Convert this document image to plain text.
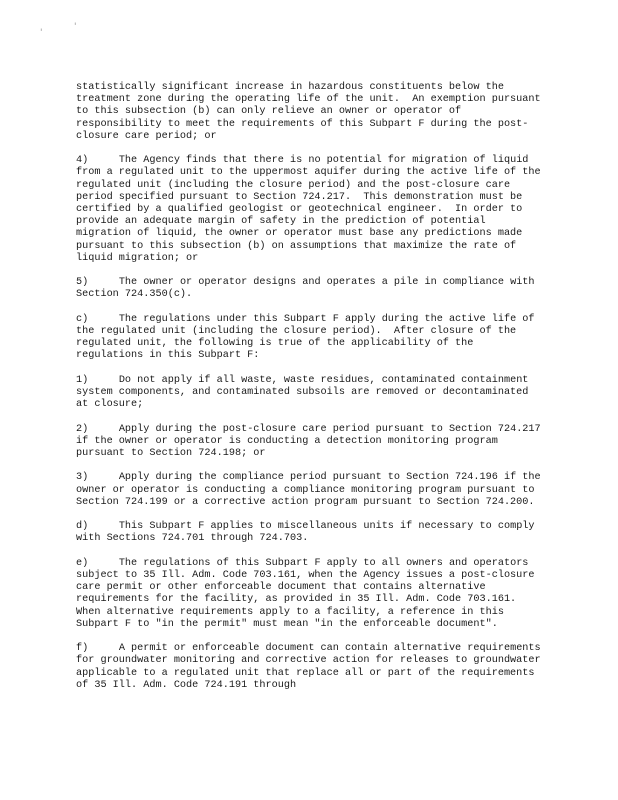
'
'

statistically significant increase in hazardous constituents below the treatment zone during the operating life of the unit.  An exemption pursuant to this subsection (b) can only relieve an owner or operator of responsibility to meet the requirements of this Subpart F during the post-closure care period; or

4)	The Agency finds that there is no potential for migration of liquid from a regulated unit to the uppermost aquifer during the active life of the regulated unit (including the closure period) and the post-closure care period specified pursuant to Section 724.217.  This demonstration must be certified by a qualified geologist or geotechnical engineer.  In order to provide an adequate margin of safety in the prediction of potential migration of liquid, the owner or operator must base any predictions made pursuant to this subsection (b) on assumptions that maximize the rate of liquid migration; or

5)	The owner or operator designs and operates a pile in compliance with Section 724.350(c).

c)	The regulations under this Subpart F apply during the active life of the regulated unit (including the closure period).  After closure of the regulated unit, the following is true of the applicability of the regulations in this Subpart F:

1)	Do not apply if all waste, waste residues, contaminated containment system components, and contaminated subsoils are removed or decontaminated at closure;

2)	Apply during the post-closure care period pursuant to Section 724.217 if the owner or operator is conducting a detection monitoring program pursuant to Section 724.198; or

3)	Apply during the compliance period pursuant to Section 724.196 if the owner or operator is conducting a compliance monitoring program pursuant to Section 724.199 or a corrective action program pursuant to Section 724.200.

d)	This Subpart F applies to miscellaneous units if necessary to comply with Sections 724.701 through 724.703.

e)	The regulations of this Subpart F apply to all owners and operators subject to 35 Ill. Adm. Code 703.161, when the Agency issues a post-closure care permit or other enforceable document that contains alternative requirements for the facility, as provided in 35 Ill. Adm. Code 703.161.  When alternative requirements apply to a facility, a reference in this Subpart F to "in the permit" must mean "in the enforceable document".

f)	A permit or enforceable document can contain alternative requirements for groundwater monitoring and corrective action for releases to groundwater applicable to a regulated unit that replace all or part of the requirements of 35 Ill. Adm. Code 724.191 through
